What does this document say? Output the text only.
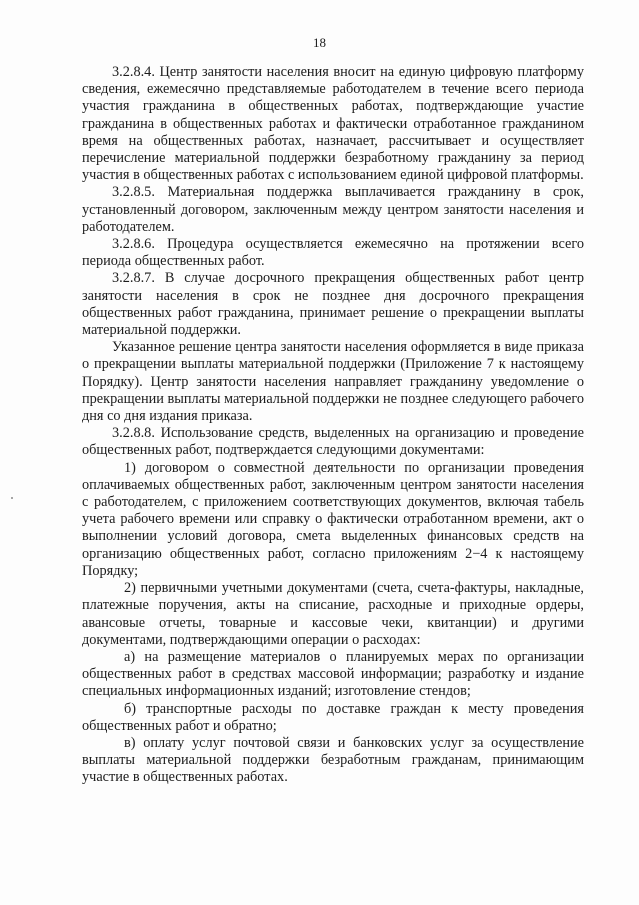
18

3.2.8.4. Центр занятости населения вносит на единую цифровую платформу сведения, ежемесячно представляемые работодателем в течение всего периода участия гражданина в общественных работах, подтверждающие участие гражданина в общественных работах и фактически отработанное гражданином время на общественных работах, назначает, рассчитывает и осуществляет перечисление материальной поддержки безработному гражданину за период участия в общественных работах с использованием единой цифровой платформы.

3.2.8.5. Материальная поддержка выплачивается гражданину в срок, установленный договором, заключенным между центром занятости населения и работодателем.

3.2.8.6. Процедура осуществляется ежемесячно на протяжении всего периода общественных работ.

3.2.8.7. В случае досрочного прекращения общественных работ центр занятости населения в срок не позднее дня досрочного прекращения общественных работ гражданина, принимает решение о прекращении выплаты материальной поддержки.

Указанное решение центра занятости населения оформляется в виде приказа о прекращении выплаты материальной поддержки (Приложение 7 к настоящему Порядку). Центр занятости населения направляет гражданину уведомление о прекращении выплаты материальной поддержки не позднее следующего рабочего дня со дня издания приказа.

3.2.8.8. Использование средств, выделенных на организацию и проведение общественных работ, подтверждается следующими документами:

1) договором о совместной деятельности по организации проведения оплачиваемых общественных работ, заключенным центром занятости населения с работодателем, с приложением соответствующих документов, включая табель учета рабочего времени или справку о фактически отработанном времени, акт о выполнении условий договора, смета выделенных финансовых средств на организацию общественных работ, согласно приложениям 2−4 к настоящему Порядку;

2) первичными учетными документами (счета, счета-фактуры, накладные, платежные поручения, акты на списание, расходные и приходные ордеры, авансовые отчеты, товарные и кассовые чеки, квитанции) и другими документами, подтверждающими операции о расходах:

а) на размещение материалов о планируемых мерах по организации общественных работ в средствах массовой информации; разработку и издание специальных информационных изданий; изготовление стендов;

б) транспортные расходы по доставке граждан к месту проведения общественных работ и обратно;

в) оплату услуг почтовой связи и банковских услуг за осуществление выплаты материальной поддержки безработным гражданам, принимающим участие в общественных работах.
